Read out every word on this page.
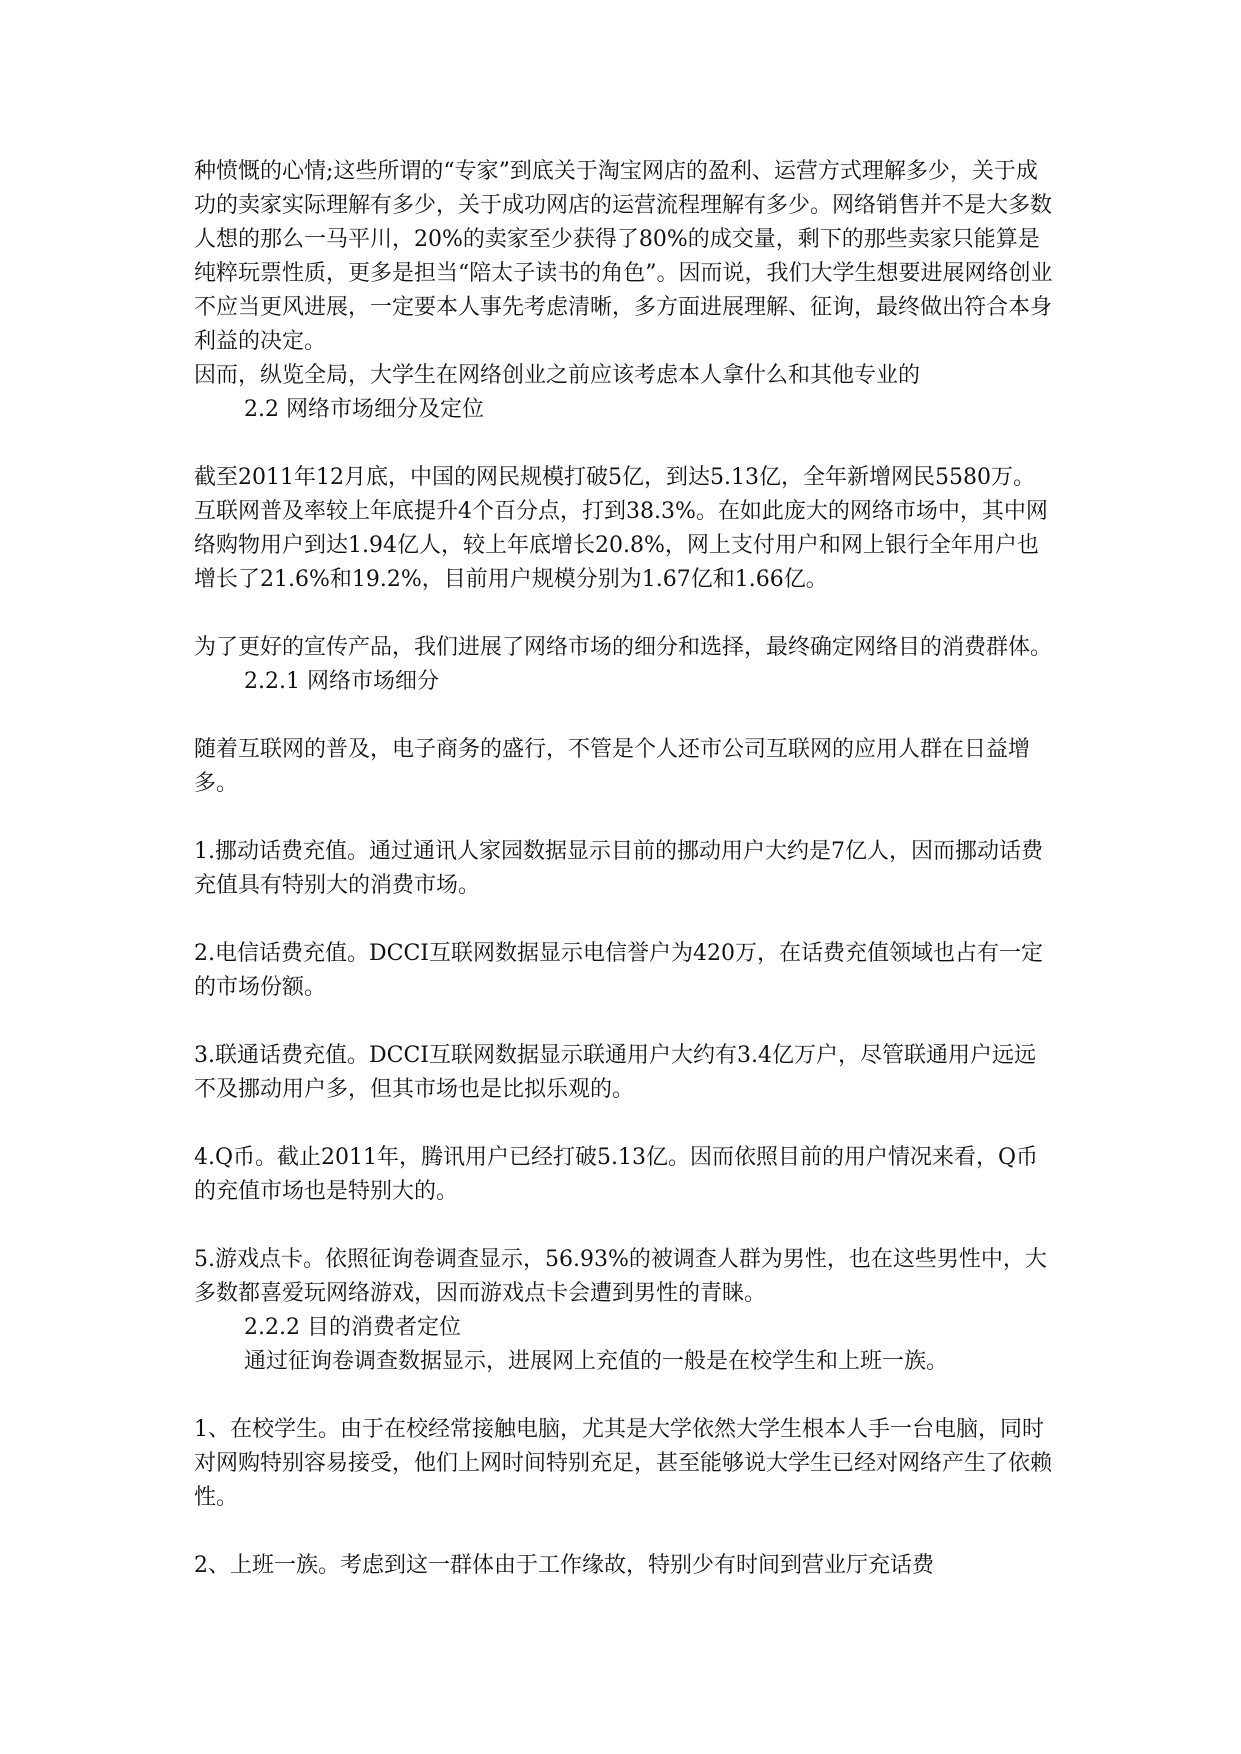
种愤慨的心情;这些所谓的“专家”到底关于淘宝网店的盈利、运营方式理解多少，关于成功的卖家实际理解有多少，关于成功网店的运营流程理解有多少。网络销售并不是大多数人想的那么一马平川，20%的卖家至少获得了80%的成交量，剩下的那些卖家只能算是纯粹玩票性质，更多是担当“陪太子读书的角色”。因而说，我们大学生想要进展网络创业不应当更风进展，一定要本人事先考虑清晰，多方面进展理解、征询，最终做出符合本身利益的决定。

因而，纵览全局，大学生在网络创业之前应该考虑本人拿什么和其他专业的

2.2 网络市场细分及定位

截至2011年12月底，中国的网民规模打破5亿，到达5.13亿，全年新增网民5580万。互联网普及率较上年底提升4个百分点，打到38.3%。在如此庞大的网络市场中，其中网络购物用户到达1.94亿人，较上年底增长20.8%，网上支付用户和网上银行全年用户也增长了21.6%和19.2%，目前用户规模分别为1.67亿和1.66亿。

为了更好的宣传产品，我们进展了网络市场的细分和选择，最终确定网络目的消费群体。

2.2.1 网络市场细分

随着互联网的普及，电子商务的盛行，不管是个人还市公司互联网的应用人群在日益增多。

1.挪动话费充值。通过通讯人家园数据显示目前的挪动用户大约是7亿人，因而挪动话费充值具有特别大的消费市场。

2.电信话费充值。DCCI互联网数据显示电信誉户为420万，在话费充值领域也占有一定的市场份额。

3.联通话费充值。DCCI互联网数据显示联通用户大约有3.4亿万户，尽管联通用户远远不及挪动用户多，但其市场也是比拟乐观的。

4.Q币。截止2011年，腾讯用户已经打破5.13亿。因而依照目前的用户情况来看，Q币的充值市场也是特别大的。

5.游戏点卡。依照征询卷调查显示，56.93%的被调查人群为男性，也在这些男性中，大多数都喜爱玩网络游戏，因而游戏点卡会遭到男性的青睐。

2.2.2 目的消费者定位

通过征询卷调查数据显示，进展网上充值的一般是在校学生和上班一族。

1、在校学生。由于在校经常接触电脑，尤其是大学依然大学生根本人手一台电脑，同时对网购特别容易接受，他们上网时间特别充足，甚至能够说大学生已经对网络产生了依赖性。

2、上班一族。考虑到这一群体由于工作缘故，特别少有时间到营业厅充话费
